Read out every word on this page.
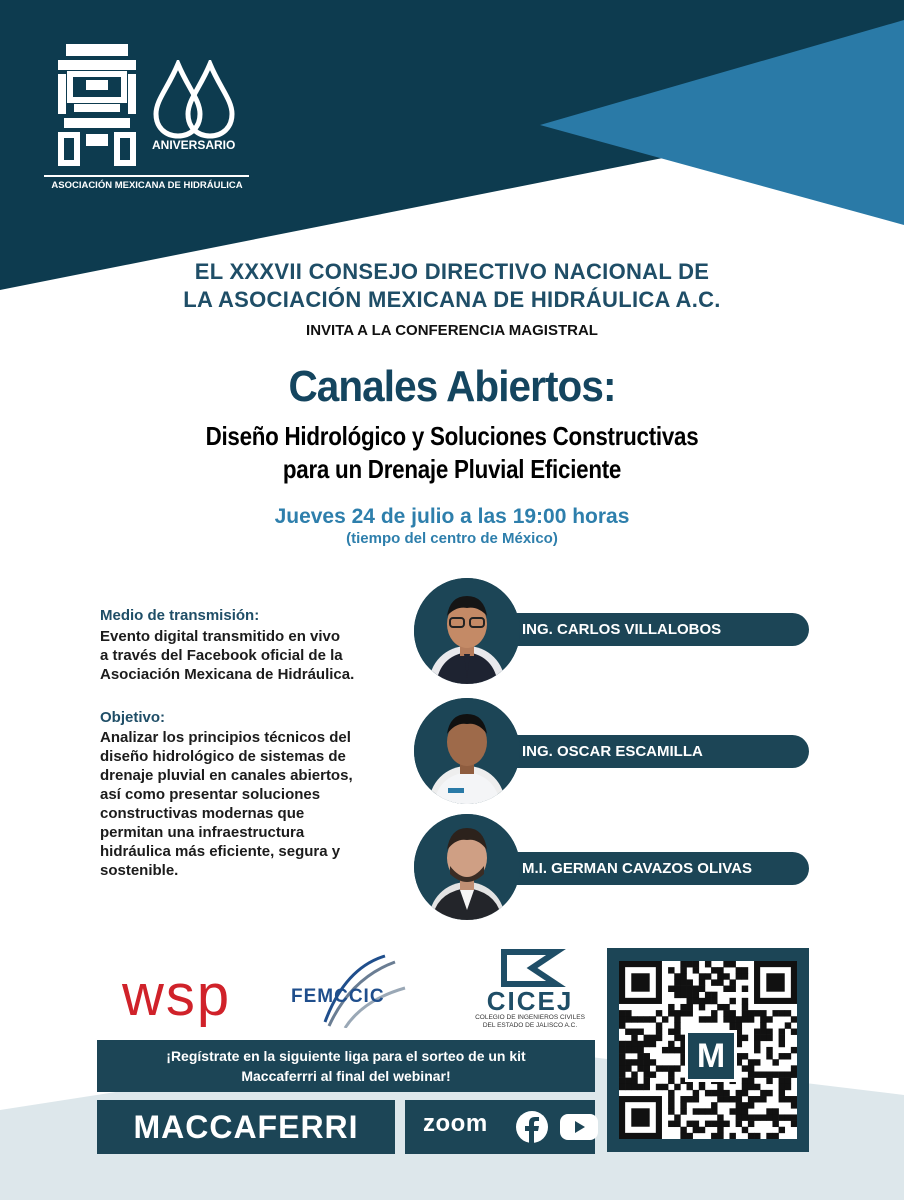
ANIVERSARIO
ASOCIACIÓN MEXICANA DE HIDRÁULICA
EL XXXVII CONSEJO DIRECTIVO NACIONAL DE
LA ASOCIACIÓN MEXICANA DE HIDRÁULICA A.C.
INVITA A LA CONFERENCIA MAGISTRAL
Canales Abiertos:
Diseño Hidrológico y Soluciones Constructivas
para un Drenaje Pluvial Eficiente
Jueves 24 de julio a las 19:00 horas
(tiempo del centro de México)
Medio de transmisión:
Evento digital transmitido en vivo
a través del Facebook oficial de la
Asociación Mexicana de Hidráulica.
Objetivo:
Analizar los principios técnicos del
diseño hidrológico de sistemas de
drenaje pluvial en canales abiertos,
así como presentar soluciones
constructivas modernas que
permitan una infraestructura
hidráulica más eficiente, segura y
sostenible.
ING. CARLOS VILLALOBOS
ING. OSCAR ESCAMILLA
M.I. GERMAN CAVAZOS OLIVAS
wsp	FEMCCIC	CICEJ
COLEGIO DE INGENIEROS CIVILES
DEL ESTADO DE JALISCO A.C.
M
¡Regístrate en la siguiente liga para el sorteo de un kit
Maccaferrri al final del webinar!
MACCAFERRI	zoom
